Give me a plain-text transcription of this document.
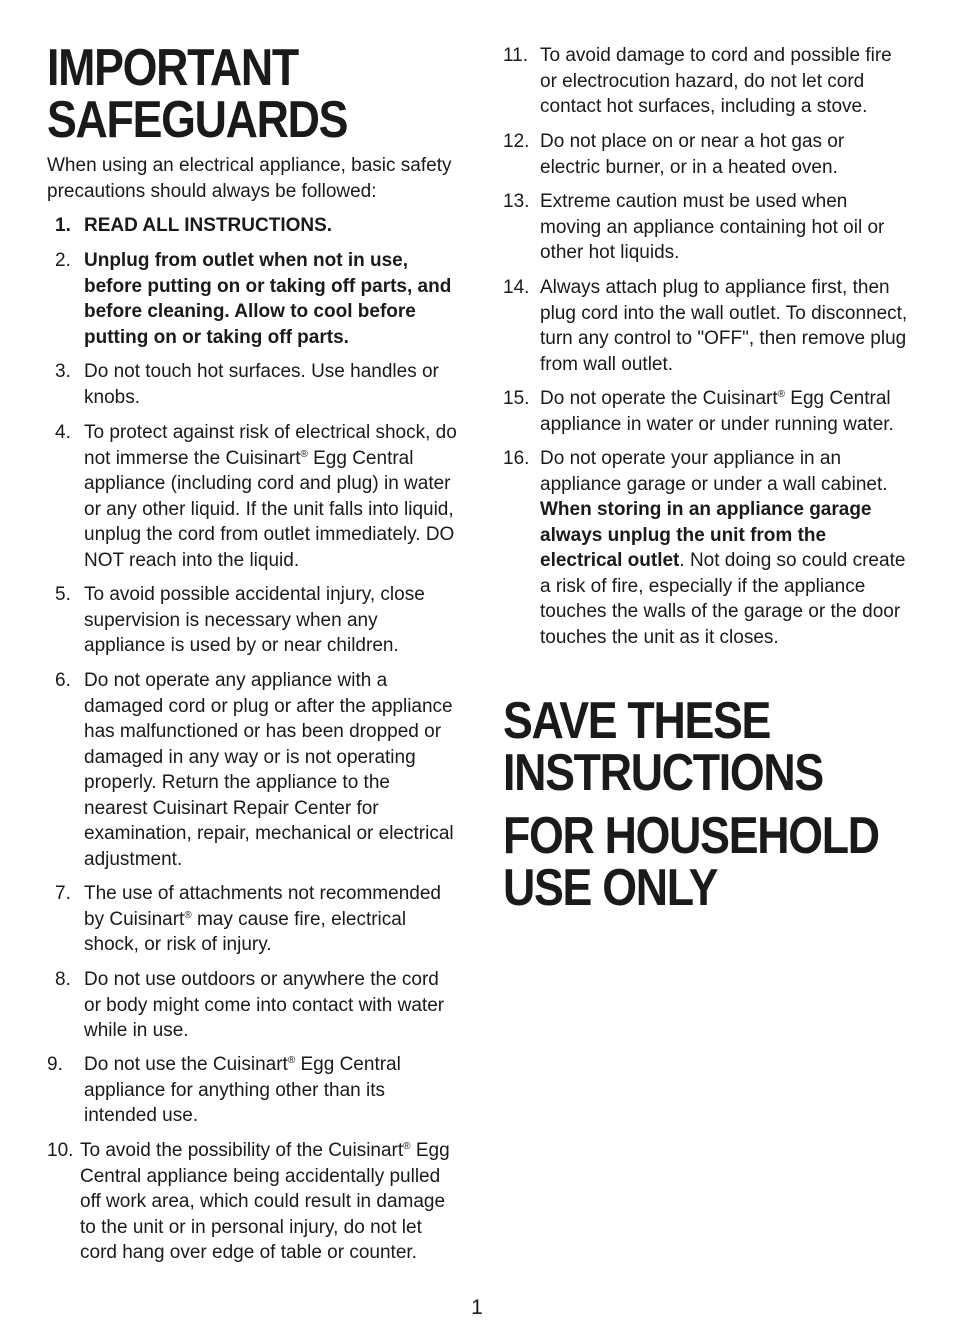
IMPORTANT
SAFEGUARDS

When using an electrical appliance, basic safety precautions should always be followed:

1. READ ALL INSTRUCTIONS.
2. Unplug from outlet when not in use, before putting on or taking off parts, and before cleaning. Allow to cool before putting on or taking off parts.
3. Do not touch hot surfaces. Use handles or knobs.
4. To protect against risk of electrical shock, do not immerse the Cuisinart® Egg Central appliance (including cord and plug) in water or any other liquid. If the unit falls into liquid, unplug the cord from outlet immediately. DO NOT reach into the liquid.
5. To avoid possible accidental injury, close supervision is necessary when any appliance is used by or near children.
6. Do not operate any appliance with a damaged cord or plug or after the appliance has malfunctioned or has been dropped or damaged in any way or is not operating properly. Return the appliance to the nearest Cuisinart Repair Center for examination, repair, mechanical or electrical adjustment.
7. The use of attachments not recommended by Cuisinart® may cause fire, electrical shock, or risk of injury.
8. Do not use outdoors or anywhere the cord or body might come into contact with water while in use.
9. Do not use the Cuisinart® Egg Central appliance for anything other than its intended use.
10. To avoid the possibility of the Cuisinart® Egg Central appliance being accidentally pulled off work area, which could result in damage to the unit or in personal injury, do not let cord hang over edge of table or counter.
11. To avoid damage to cord and possible fire or electrocution hazard, do not let cord contact hot surfaces, including a stove.
12. Do not place on or near a hot gas or electric burner, or in a heated oven.
13. Extreme caution must be used when moving an appliance containing hot oil or other hot liquids.
14. Always attach plug to appliance first, then plug cord into the wall outlet. To disconnect, turn any control to "OFF", then remove plug from wall outlet.
15. Do not operate the Cuisinart® Egg Central appliance in water or under running water.
16. Do not operate your appliance in an appliance garage or under a wall cabinet. When storing in an appliance garage always unplug the unit from the electrical outlet. Not doing so could create a risk of fire, especially if the appliance touches the walls of the garage or the door touches the unit as it closes.
SAVE THESE
INSTRUCTIONS
FOR HOUSEHOLD
USE ONLY
1
